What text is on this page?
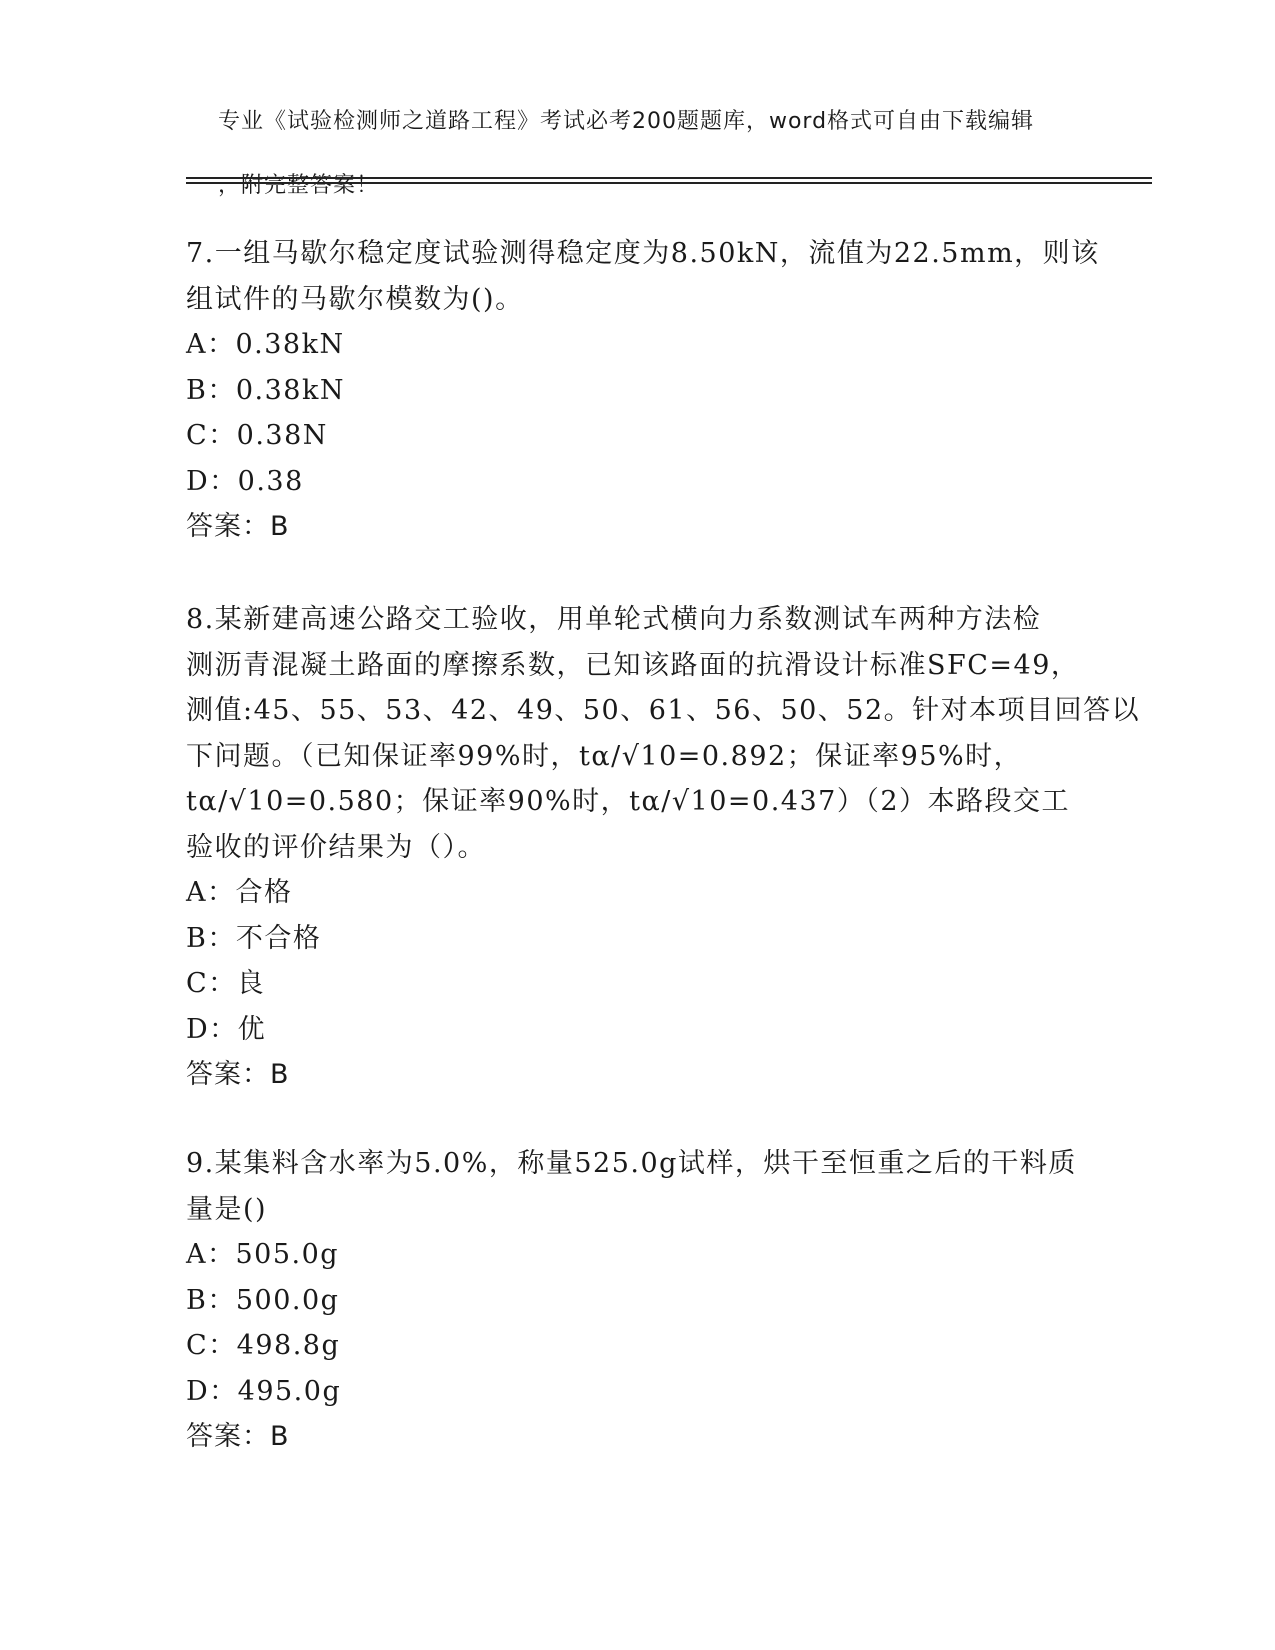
专业《试验检测师之道路工程》考试必考200题题库，word格式可自由下载编辑

，附完整答案！

7.一组马歇尔稳定度试验测得稳定度为8.50kN，流值为22.5mm，则该
组试件的马歇尔模数为()。
A：0.38kN
B：0.38kN
C：0.38N
D：0.38
答案：B
8.某新建高速公路交工验收，用单轮式横向力系数测试车两种方法检
测沥青混凝土路面的摩擦系数，已知该路面的抗滑设计标准SFC=49，
测值:45、55、53、42、49、50、61、56、50、52。针对本项目回答以
下问题。（已知保证率99%时，tα/√10=0.892；保证率95%时，
tα/√10=0.580；保证率90%时，tα/√10=0.437）（2）本路段交工
验收的评价结果为（）。
A：合格
B：不合格
C：良
D：优
答案：B
9.某集料含水率为5.0%，称量525.0g试样，烘干至恒重之后的干料质
量是()
A：505.0g
B：500.0g
C：498.8g
D：495.0g
答案：B
